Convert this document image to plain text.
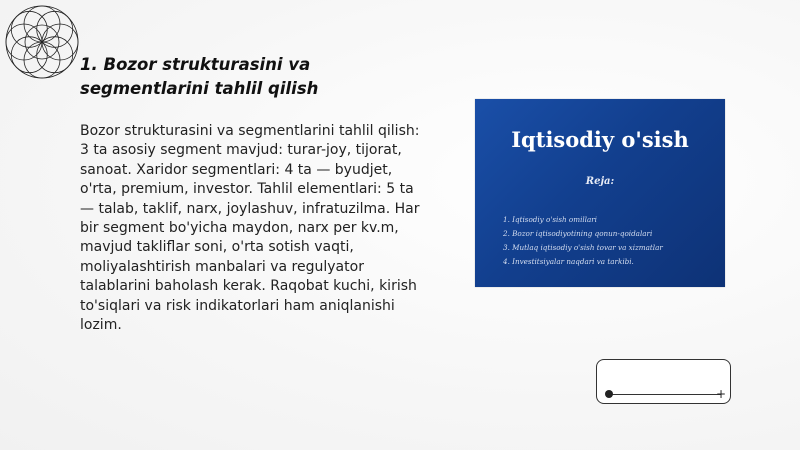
1. Bozor strukturasini va
segmentlarini tahlil qilish
Bozor strukturasini va segmentlarini tahlil qilish: 3 ta asosiy segment mavjud: turar-joy, tijorat, sanoat. Xaridor segmentlari: 4 ta — byudjet, o'rta, premium, investor. Tahlil elementlari: 5 ta — talab, taklif, narx, joylashuv, infratuzilma. Har bir segment bo'yicha maydon, narx per kv.m, mavjud takliflar soni, o'rta sotish vaqti, moliyalashtirish manbalari va regulyator talablarini baholash kerak. Raqobat kuchi, kirish to'siqlari va risk indikatorlari ham aniqlanishi lozim.
Iqtisodiy o'sish
Reja:
1. Iqtisodiy o'sish omillari
2. Bozor iqtisodiyotining qonun-qoidalari
3. Mutlaq iqtisodiy o'sish tovar va xizmatlar
4. Investitsiyalar naqdari va tarkibi.
+
